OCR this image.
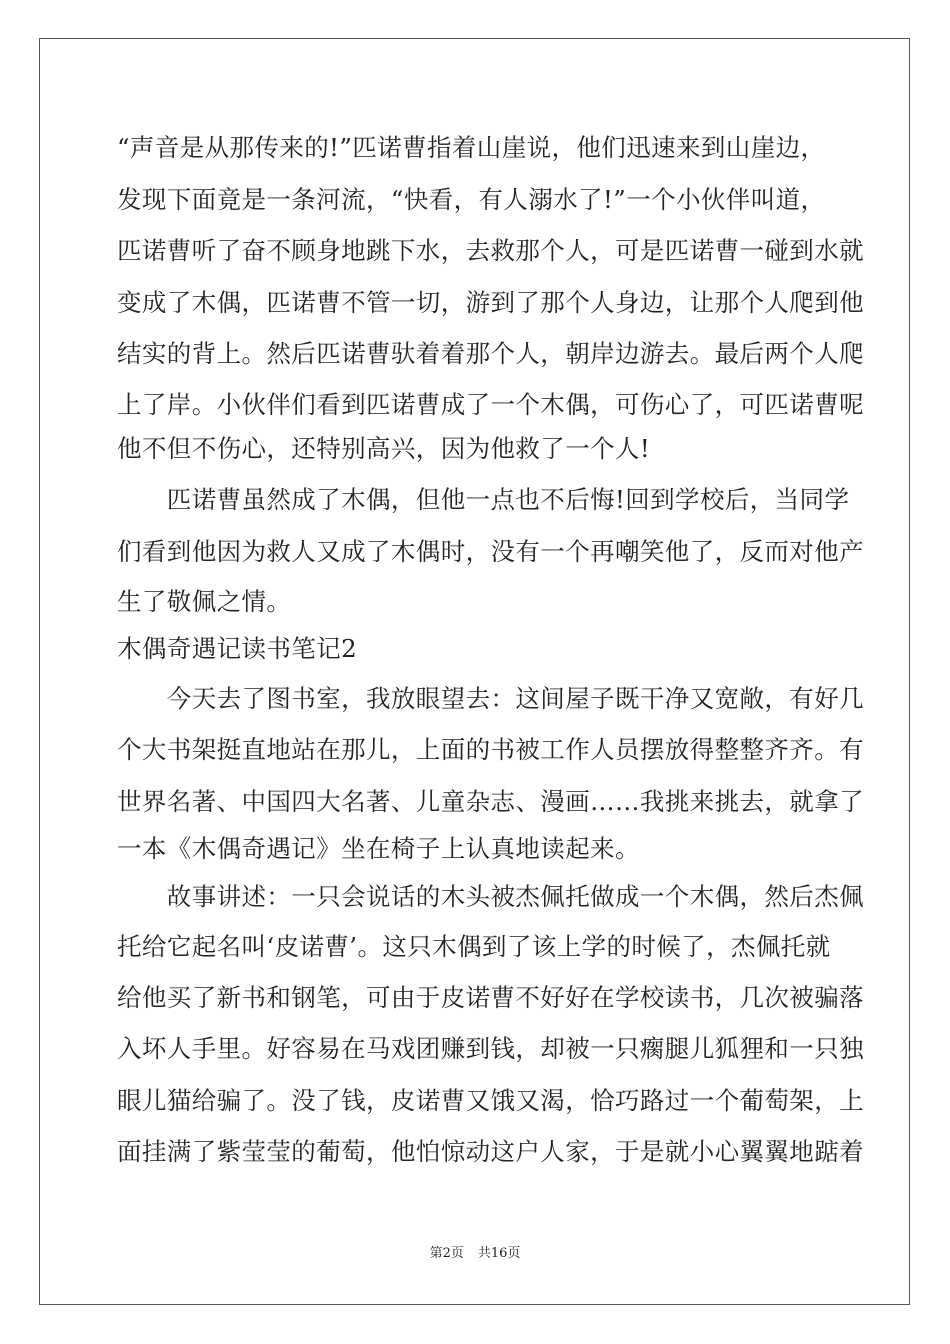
“声音是从那传来的!”匹诺曹指着山崖说，他们迅速来到山崖边，
发现下面竟是一条河流，“快看，有人溺水了!”一个小伙伴叫道，
匹诺曹听了奋不顾身地跳下水，去救那个人，可是匹诺曹一碰到水就
变成了木偶，匹诺曹不管一切，游到了那个人身边，让那个人爬到他
结实的背上。然后匹诺曹驮着着那个人，朝岸边游去。最后两个人爬
上了岸。小伙伴们看到匹诺曹成了一个木偶，可伤心了，可匹诺曹呢
他不但不伤心，还特别高兴，因为他救了一个人!
　　匹诺曹虽然成了木偶，但他一点也不后悔!回到学校后，当同学
们看到他因为救人又成了木偶时，没有一个再嘲笑他了，反而对他产
生了敬佩之情。
木偶奇遇记读书笔记2
　　今天去了图书室，我放眼望去：这间屋子既干净又宽敞，有好几
个大书架挺直地站在那儿，上面的书被工作人员摆放得整整齐齐。有
世界名著、中国四大名著、儿童杂志、漫画……我挑来挑去，就拿了
一本《木偶奇遇记》坐在椅子上认真地读起来。
　　故事讲述：一只会说话的木头被杰佩托做成一个木偶，然后杰佩
托给它起名叫‘皮诺曹’。这只木偶到了该上学的时候了，杰佩托就
给他买了新书和钢笔，可由于皮诺曹不好好在学校读书，几次被骗落
入坏人手里。好容易在马戏团赚到钱，却被一只瘸腿儿狐狸和一只独
眼儿猫给骗了。没了钱，皮诺曹又饿又渴，恰巧路过一个葡萄架，上
面挂满了紫莹莹的葡萄，他怕惊动这户人家，于是就小心翼翼地踮着
第2页 共16页
